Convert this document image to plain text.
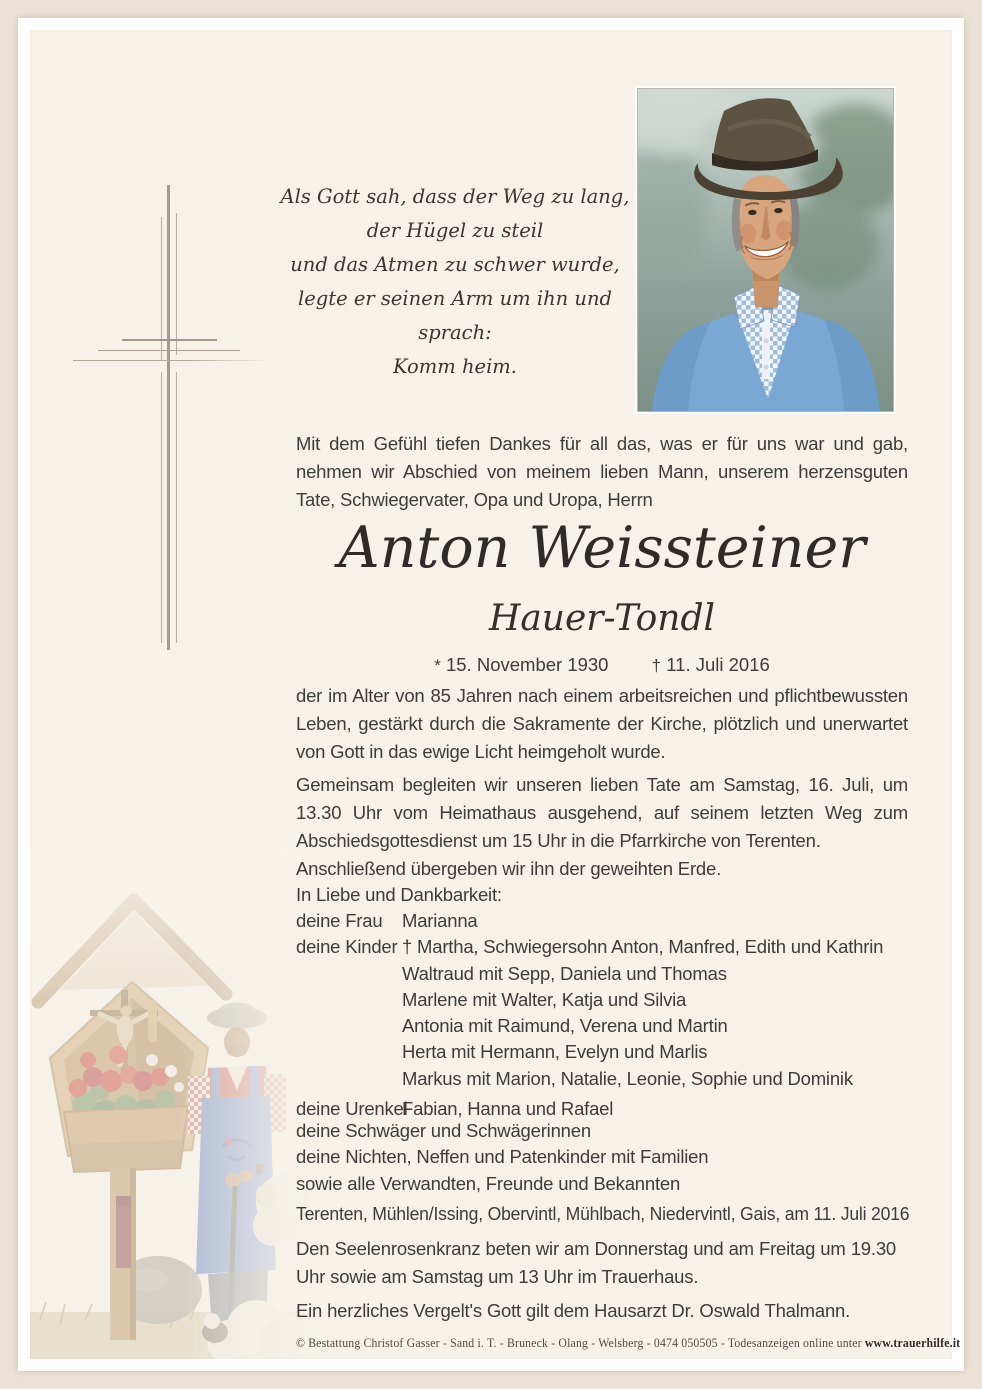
Als Gott sah, dass der Weg zu lang,
der Hügel zu steil
und das Atmen zu schwer wurde,
legte er seinen Arm um ihn und sprach:
Komm heim.
Mit dem Gefühl tiefen Dankes für all das, was er für uns war und gab, nehmen wir Abschied von meinem lieben Mann, unserem herzensguten Tate, Schwiegervater, Opa und Uropa, Herrn
Anton Weissteiner
Hauer-Tondl
* 15. November 1930	† 11. Juli 2016
der im Alter von 85 Jahren nach einem arbeitsreichen und pflichtbewussten Leben, gestärkt durch die Sakramente der Kirche, plötzlich und unerwartet von Gott in das ewige Licht heimgeholt wurde.
Gemeinsam begleiten wir unseren lieben Tate am Samstag, 16. Juli, um 13.30 Uhr vom Heimathaus ausgehend, auf seinem letzten Weg zum Abschiedsgottesdienst um 15 Uhr in die Pfarrkirche von Terenten.
Anschließend übergeben wir ihn der geweihten Erde.
In Liebe und Dankbarkeit:
deine Frau Marianna
deine Kinder † Martha, Schwiegersohn Anton, Manfred, Edith und Kathrin
Waltraud mit Sepp, Daniela und Thomas
Marlene mit Walter, Katja und Silvia
Antonia mit Raimund, Verena und Martin
Herta mit Hermann, Evelyn und Marlis
Markus mit Marion, Natalie, Leonie, Sophie und Dominik
deine UrenkelFabian, Hanna und Rafael
deine Schwäger und Schwägerinnen
deine Nichten, Neffen und Patenkinder mit Familien
sowie alle Verwandten, Freunde und Bekannten
Terenten, Mühlen/Issing, Obervintl, Mühlbach, Niedervintl, Gais, am 11. Juli 2016
Den Seelenrosenkranz beten wir am Donnerstag und am Freitag um 19.30 Uhr sowie am Samstag um 13 Uhr im Trauerhaus.
Ein herzliches Vergelt's Gott gilt dem Hausarzt Dr. Oswald Thalmann.
© Bestattung Christof Gasser - Sand i. T. - Bruneck - Olang - Welsberg - 0474 050505 - Todesanzeigen online unter www.trauerhilfe.it
